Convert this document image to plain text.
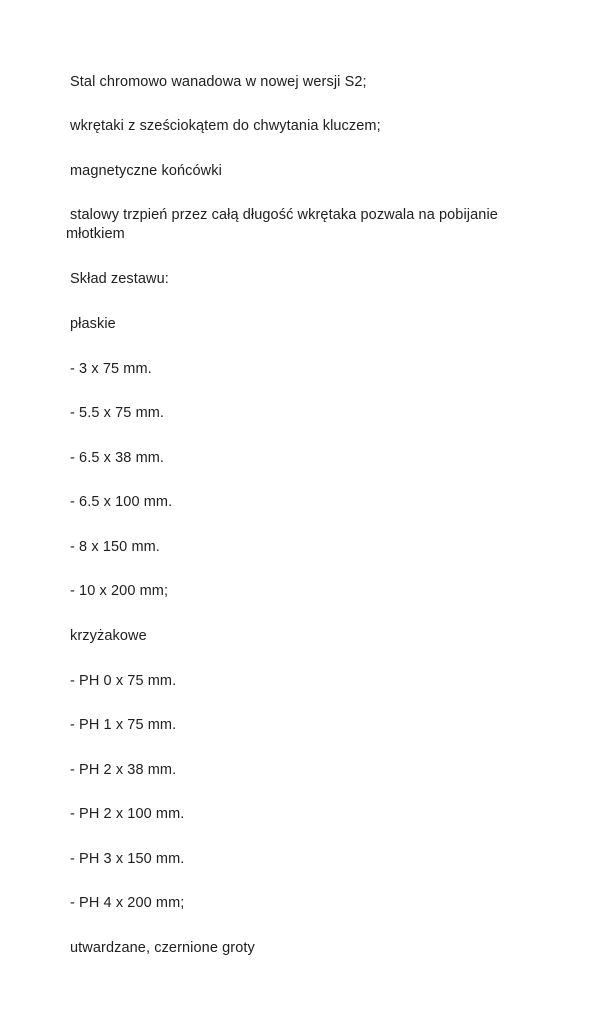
Stal chromowo wanadowa w nowej wersji S2;
wkrętaki z sześciokątem do chwytania kluczem;
magnetyczne końcówki
stalowy trzpień przez całą długość wkrętaka pozwala na pobijanie młotkiem
Skład zestawu:
płaskie
- 3 x 75 mm.
- 5.5 x 75 mm.
- 6.5 x 38 mm.
- 6.5 x 100 mm.
- 8 x 150 mm.
- 10 x 200 mm;
krzyżakowe
- PH 0 x 75 mm.
- PH 1 x 75 mm.
- PH 2 x 38 mm.
- PH 2 x 100 mm.
- PH 3 x 150 mm.
- PH 4 x 200 mm;
utwardzane, czernione groty
